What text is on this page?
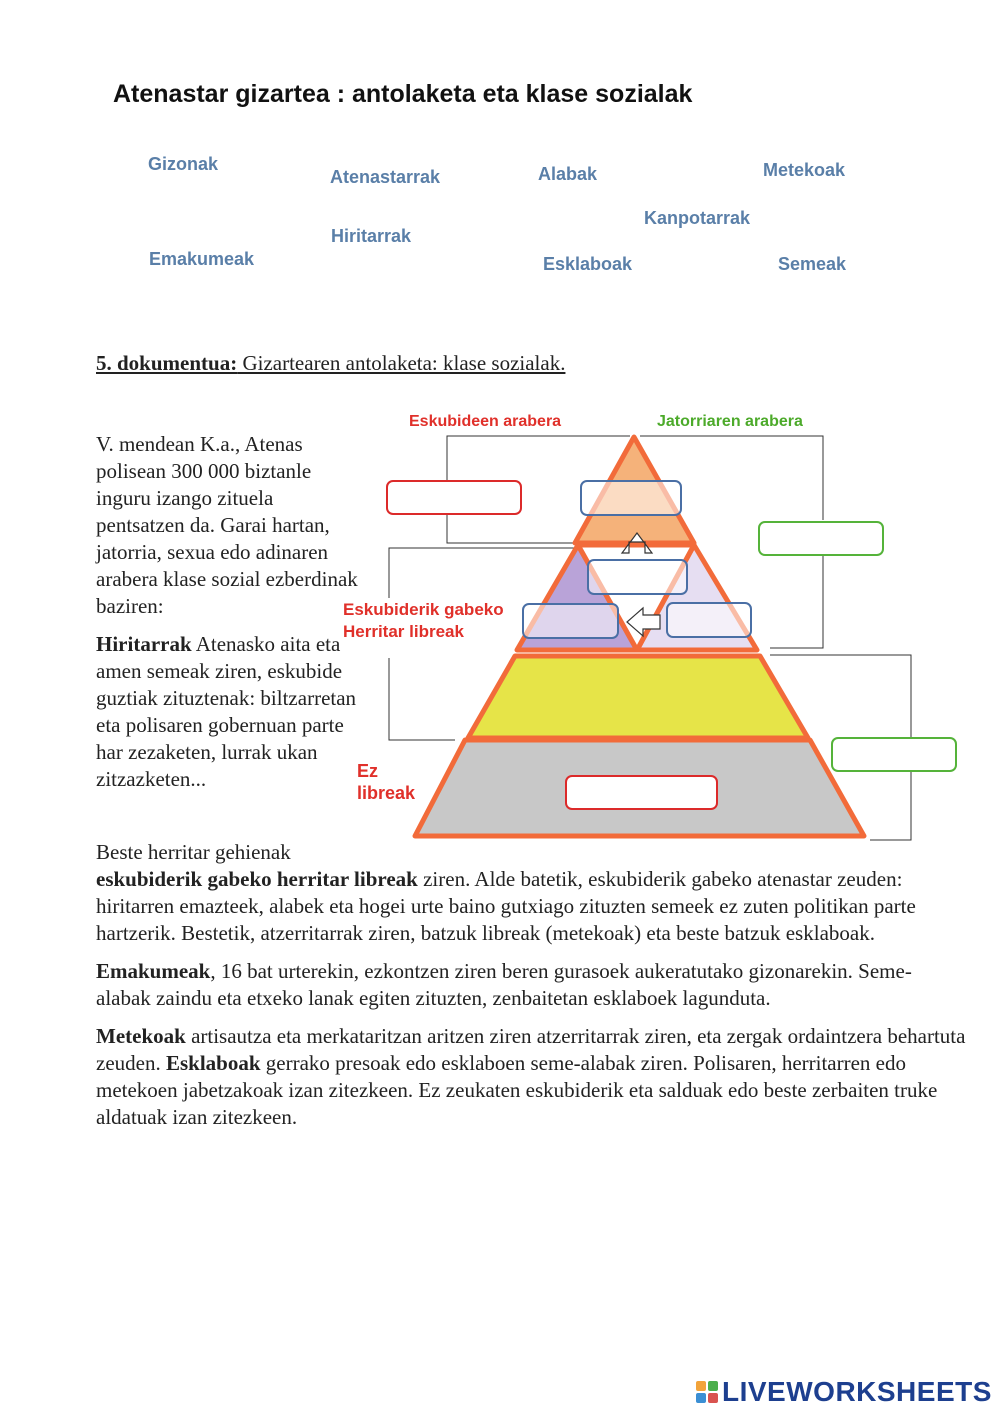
Atenastar gizartea : antolaketa eta klase sozialak
Gizonak
Atenastarrak	Alabak	Metekoak
Kanpotarrak
Hiritarrak
Emakumeak	Esklaboak	Semeak
5. dokumentua: Gizartearen antolaketa: klase sozialak.

V. mendean K.a., Atenas polisean 300 000 biztanle inguru izango zituela pentsatzen da. Garai hartan, jatorria, sexua edo adinaren arabera klase sozial ezberdinak baziren:

Hiritarrak Atenasko aita eta amen semeak ziren, eskubide guztiak zituztenak: biltzarretan eta polisaren gobernuan parte har zezaketen, lurrak ukan zitzazketen...

Beste herritar gehienak
eskubiderik gabeko herritar libreak ziren. Alde batetik, eskubiderik gabeko atenastar zeuden: hiritarren emazteek, alabek eta hogei urte baino gutxiago zituzten semeek ez zuten politikan parte hartzerik. Bestetik, atzerritarrak ziren, batzuk libreak (metekoak) eta beste batzuk esklaboak.

Emakumeak, 16 bat urterekin, ezkontzen ziren beren gurasoek aukeratutako gizonarekin. Seme-alabak zaindu eta etxeko lanak egiten zituzten, zenbaitetan esklaboek lagunduta.

Metekoak artisautza eta merkataritzan aritzen ziren atzerritarrak ziren, eta zergak ordaintzera behartuta zeuden. Esklaboak gerrako presoak edo esklaboen seme-alabak ziren. Polisaren, herritarren edo metekoen jabetzakoak izan zitezkeen. Ez zeukaten eskubiderik eta salduak edo beste zerbaiten truke aldatuak izan zitezkeen.

Eskubideen arabera	Jatorriaren arabera
Eskubiderik gabeko
Herritar libreak
Ez
libreak
LIVEWORKSHEETS
